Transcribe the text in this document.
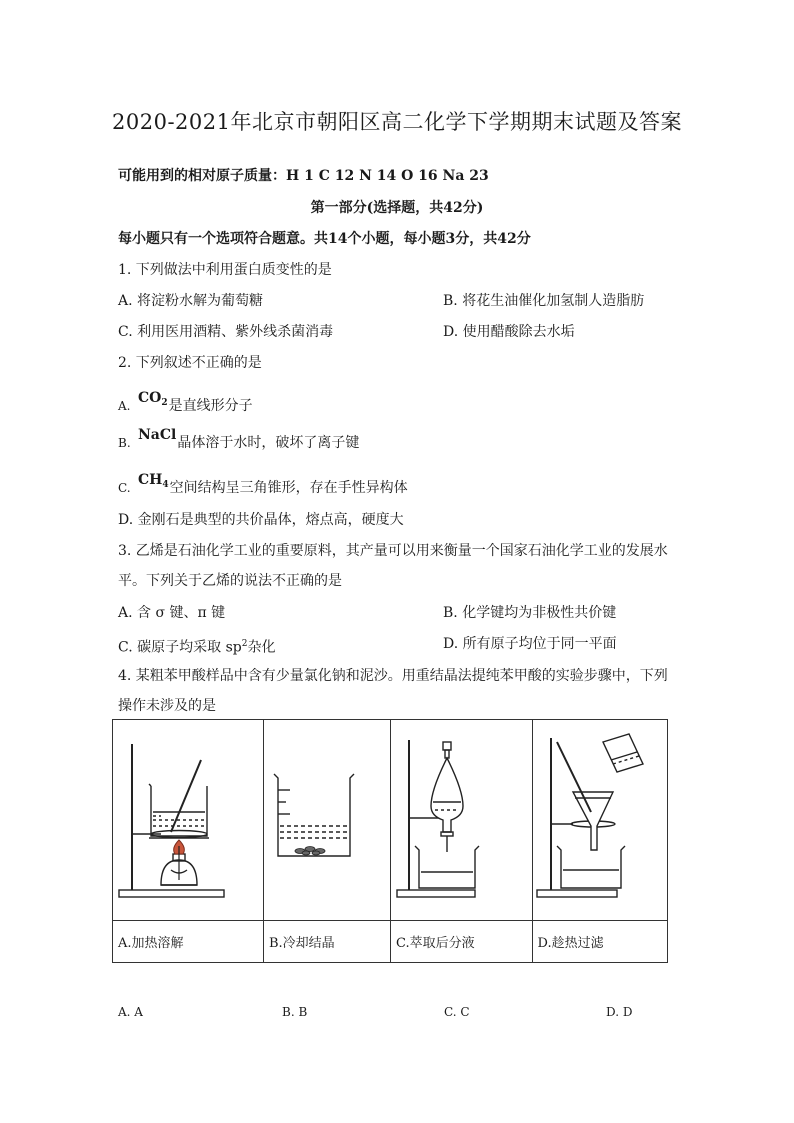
2020-2021年北京市朝阳区高二化学下学期期末试题及答案
可能用到的相对原子质量：H 1 C 12 N 14 O 16 Na 23
第一部分(选择题，共42分)
每小题只有一个选项符合题意。共14个小题，每小题3分，共42分
1. 下列做法中利用蛋白质变性的是
A. 将淀粉水解为葡萄糖	B. 将花生油催化加氢制人造脂肪
C. 利用医用酒精、紫外线杀菌消毒	D. 使用醋酸除去水垢
2. 下列叙述不正确的是
A. $CO_2$是直线形分子
B. NaCl晶体溶于水时，破坏了离子键
C. $CH_4$空间结构呈三角锥形，存在手性异构体
D. 金刚石是典型的共价晶体，熔点高，硬度大
3. 乙烯是石油化学工业的重要原料，其产量可以用来衡量一个国家石油化学工业的发展水
平。下列关于乙烯的说法不正确的是
A. 含 σ 键、π 键	B. 化学键均为非极性共价键
C. 碳原子均采取 $sp^2$杂化	D. 所有原子均位于同一平面
4. 某粗苯甲酸样品中含有少量氯化钠和泥沙。用重结晶法提纯苯甲酸的实验步骤中，下列
操作未涉及的是

A.加热溶解	B.冷却结晶	C.萃取后分液	D.趁热过滤
A. A	B. B	C. C	D. D
